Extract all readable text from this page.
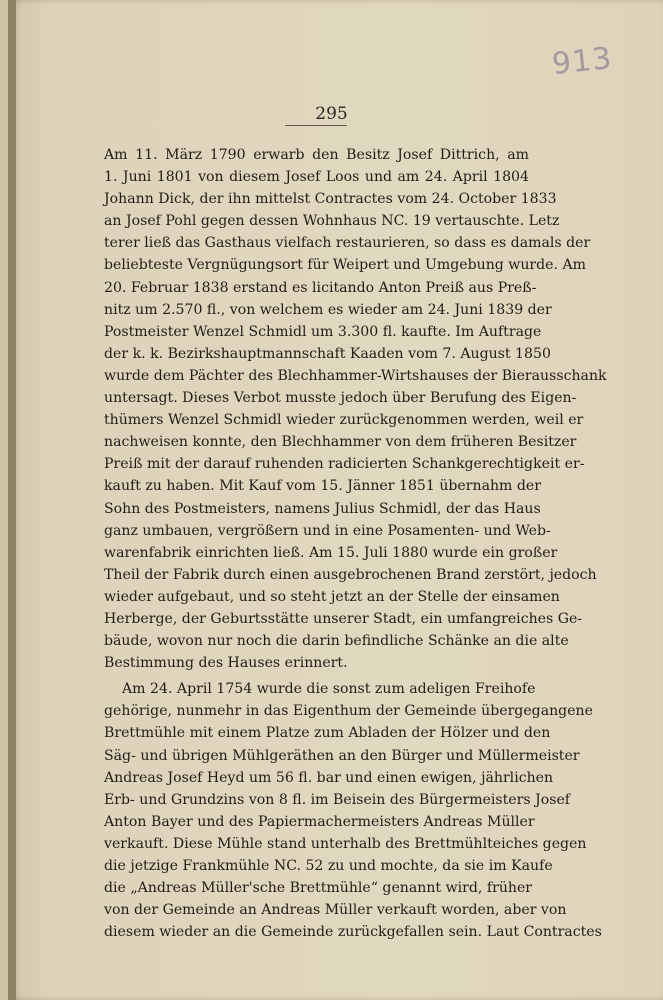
913
295
Am 11. März 1790 erwarb den Besitz Josef Dittrich, am
1. Juni 1801 von diesem Josef Loos und am 24. April 1804
Johann Dick, der ihn mittelst Contractes vom 24. October 1833
an Josef Pohl gegen dessen Wohnhaus NC. 19 vertauschte. Letz
terer ließ das Gasthaus vielfach restaurieren, so dass es damals der
beliebteste Vergnügungsort für Weipert und Umgebung wurde. Am
20. Februar 1838 erstand es licitando Anton Preiß aus Preß-
nitz um 2.570 fl., von welchem es wieder am 24. Juni 1839 der
Postmeister Wenzel Schmidl um 3.300 fl. kaufte. Im Auftrage
der k. k. Bezirkshauptmannschaft Kaaden vom 7. August 1850
wurde dem Pächter des Blechhammer-Wirtshauses der Bierausschank
untersagt. Dieses Verbot musste jedoch über Berufung des Eigen-
thümers Wenzel Schmidl wieder zurückgenommen werden, weil er
nachweisen konnte, den Blechhammer von dem früheren Besitzer
Preiß mit der darauf ruhenden radicierten Schankgerechtigkeit er-
kauft zu haben. Mit Kauf vom 15. Jänner 1851 übernahm der
Sohn des Postmeisters, namens Julius Schmidl, der das Haus
ganz umbauen, vergrößern und in eine Posamenten- und Web-
warenfabrik einrichten ließ. Am 15. Juli 1880 wurde ein großer
Theil der Fabrik durch einen ausgebrochenen Brand zerstört, jedoch
wieder aufgebaut, und so steht jetzt an der Stelle der einsamen
Herberge, der Geburtsstätte unserer Stadt, ein umfangreiches Ge-
bäude, wovon nur noch die darin befindliche Schänke an die alte
Bestimmung des Hauses erinnert.
Am 24. April 1754 wurde die sonst zum adeligen Freihofe
gehörige, nunmehr in das Eigenthum der Gemeinde übergegangene
Brettmühle mit einem Platze zum Abladen der Hölzer und den
Säg- und übrigen Mühlgeräthen an den Bürger und Müllermeister
Andreas Josef Heyd um 56 fl. bar und einen ewigen, jährlichen
Erb- und Grundzins von 8 fl. im Beisein des Bürgermeisters Josef
Anton Bayer und des Papiermachermeisters Andreas Müller
verkauft. Diese Mühle stand unterhalb des Brettmühlteiches gegen
die jetzige Frankmühle NC. 52 zu und mochte, da sie im Kaufe
die „Andreas Müller'sche Brettmühle“ genannt wird, früher
von der Gemeinde an Andreas Müller verkauft worden, aber von
diesem wieder an die Gemeinde zurückgefallen sein. Laut Contractes
